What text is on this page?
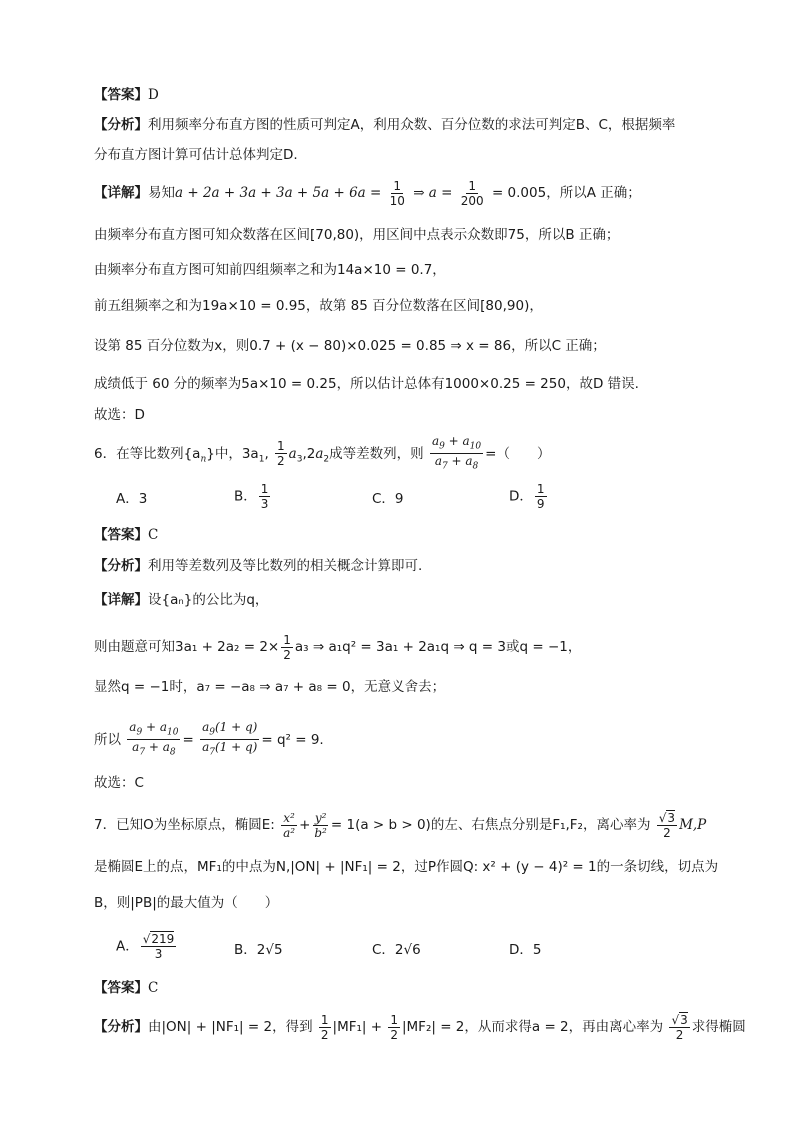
【答案】D
【分析】利用频率分布直方图的性质可判定A，利用众数、百分位数的求法可判定B、C，根据频率
分布直方图计算可估计总体判定D.
【详解】易知$a + 2a + 3a + 3a + 5a + 6a = \frac{1}{10}$ ⇒ $a = \frac{1}{200} = 0.005$，所以A 正确；
由频率分布直方图可知众数落在区间[70,80)，用区间中点表示众数即75，所以B 正确；
由频率分布直方图可知前四组频率之和为14a×10 = 0.7，
前五组频率之和为19a×10 = 0.95，故第 85 百分位数落在区间[80,90)，
设第 85 百分位数为x，则0.7 + (x − 80)×0.025 = 0.85 ⇒ x = 86，所以C 正确；
成绩低于 60 分的频率为5a×10 = 0.25，所以估计总体有1000×0.25 = 250，故D 错误.
故选：D
6．在等比数列$\{a_n\}$中，$3a_1$, $\frac{1}{2} a_3,2a_2$成等差数列，则 $\frac{a_9 + a_{10}}{a_7 + a_8}$ =（　　）
A．3	B． $\frac{1}{3}$	C．9	D． $\frac{1}{9}$
【答案】C
【分析】利用等差数列及等比数列的相关概念计算即可.
【详解】设{aₙ}的公比为q，
则由题意可知$3a_1 + 2a_2 = 2\times \frac{1}{2} a_3$ ⇒ a₁q² = 3a₁ + 2a₁q ⇒ q = 3或q = −1，
显然q = −1时，a₇ = −a₈ ⇒ a₇ + a₈ = 0，无意义舍去；
所以 $\frac{a_9 + a_{10}}{a_7 + a_8} = \frac{a_9(1 + q)}{a_7(1 + q)} = q^2 = 9$.
故选：C
7．已知O为坐标原点，椭圆E: $\frac{\text{x²}}{\text{a²}} + \frac{\text{y²}}{\text{b²}} = 1(a > b > 0)$的左、右焦点分别是F₁,F₂，离心率为 $\frac{√3}{2} M,P$
是椭圆E上的点，MF₁的中点为N,|ON| + |NF₁| = 2，过P作圆Q: x² + (y − 4)² = 1的一条切线，切点为
B，则|PB|的最大值为（　　）
A． $\frac{√219}{3}$	B．2√5	C．2√6	D．5
【答案】C
【分析】由|ON| + |NF₁| = 2，得到 $\frac{1}{2} |MF_1| + \frac{1}{2} |MF_2| = 2$，从而求得a = 2，再由离心率为 $\frac{√3}{2}$ 求得椭圆
